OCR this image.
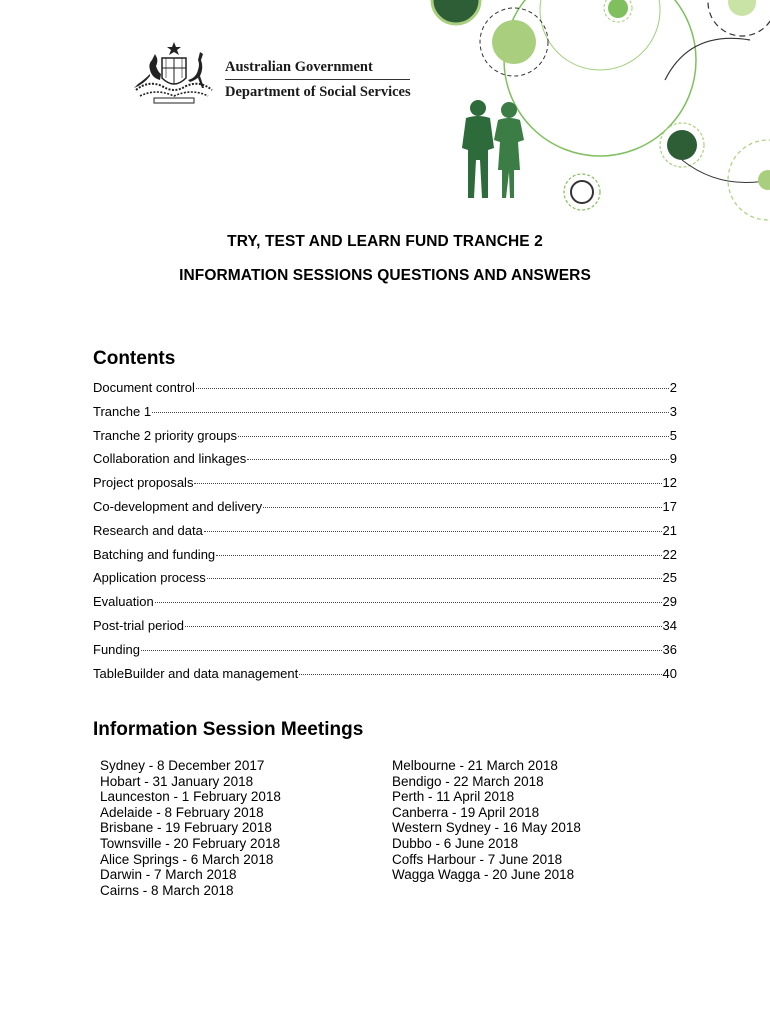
Australian Government
Department of Social Services
TRY, TEST AND LEARN FUND TRANCHE 2
INFORMATION SESSIONS QUESTIONS AND ANSWERS
Contents
Document control	2
Tranche 1	3
Tranche 2 priority groups	5
Collaboration and linkages	9
Project proposals	12
Co-development and delivery	17
Research and data	21
Batching and funding	22
Application process	25
Evaluation	29
Post-trial period	34
Funding	36
TableBuilder and data management	40
Information Session Meetings
Sydney - 8 December 2017
Hobart - 31 January 2018
Launceston - 1 February 2018
Adelaide - 8 February 2018
Brisbane - 19 February 2018
Townsville - 20 February 2018
Alice Springs - 6 March 2018
Darwin - 7 March 2018
Cairns - 8 March 2018
Melbourne - 21 March 2018
Bendigo - 22 March 2018
Perth - 11 April 2018
Canberra - 19 April 2018
Western Sydney - 16 May 2018
Dubbo - 6 June 2018
Coffs Harbour - 7 June 2018
Wagga Wagga - 20 June 2018
